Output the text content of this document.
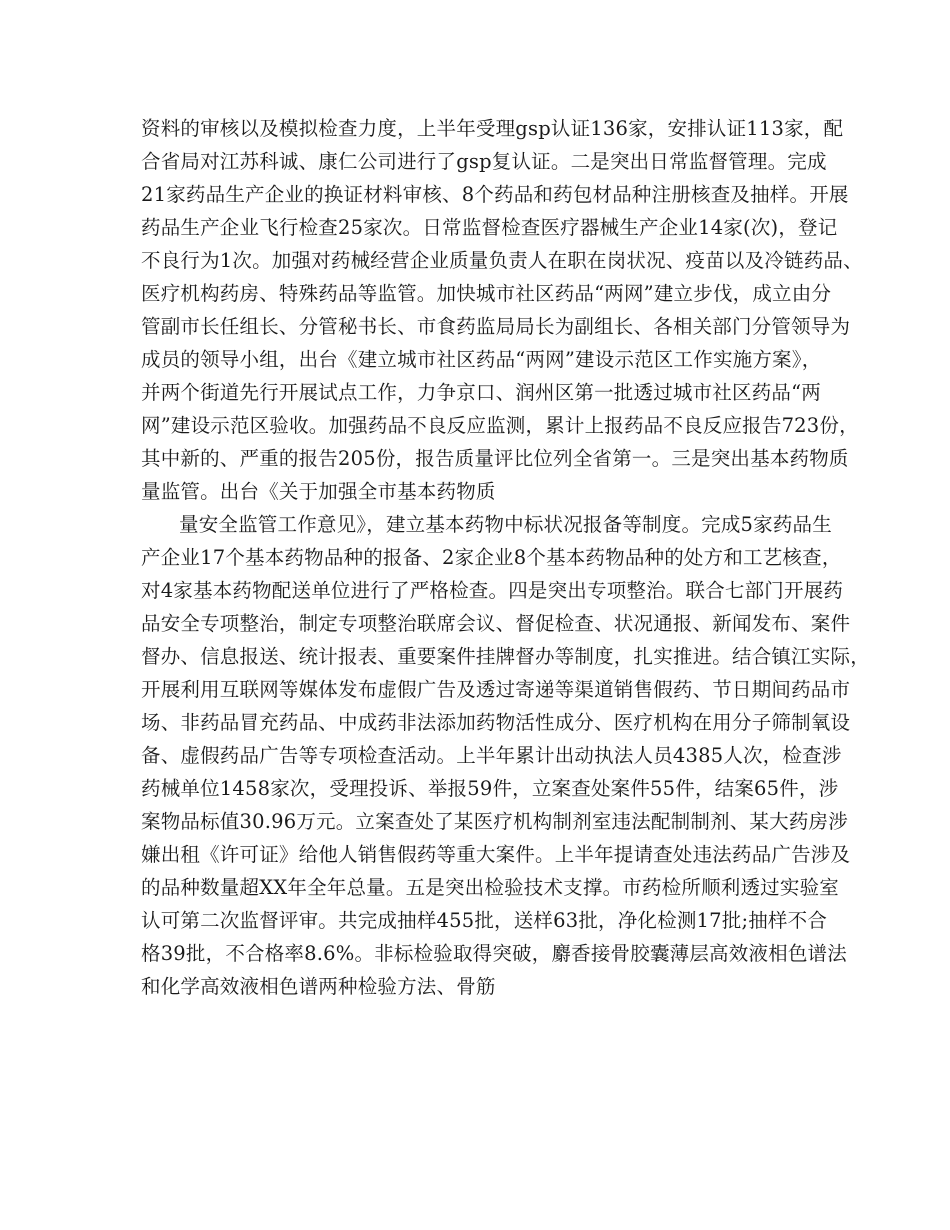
资料的审核以及模拟检查力度，上半年受理gsp认证136家，安排认证113家，配
合省局对江苏科诚、康仁公司进行了gsp复认证。二是突出日常监督管理。完成
21家药品生产企业的换证材料审核、8个药品和药包材品种注册核查及抽样。开展
药品生产企业飞行检查25家次。日常监督检查医疗器械生产企业14家(次)，登记
不良行为1次。加强对药械经营企业质量负责人在职在岗状况、疫苗以及冷链药品、
医疗机构药房、特殊药品等监管。加快城市社区药品“两网”建立步伐，成立由分
管副市长任组长、分管秘书长、市食药监局局长为副组长、各相关部门分管领导为
成员的领导小组，出台《建立城市社区药品“两网”建设示范区工作实施方案》，
并两个街道先行开展试点工作，力争京口、润州区第一批透过城市社区药品“两
网”建设示范区验收。加强药品不良反应监测，累计上报药品不良反应报告723份，
其中新的、严重的报告205份，报告质量评比位列全省第一。三是突出基本药物质
量监管。出台《关于加强全市基本药物质
量安全监管工作意见》，建立基本药物中标状况报备等制度。完成5家药品生
产企业17个基本药物品种的报备、2家企业8个基本药物品种的处方和工艺核查，
对4家基本药物配送单位进行了严格检查。四是突出专项整治。联合七部门开展药
品安全专项整治，制定专项整治联席会议、督促检查、状况通报、新闻发布、案件
督办、信息报送、统计报表、重要案件挂牌督办等制度，扎实推进。结合镇江实际，
开展利用互联网等媒体发布虚假广告及透过寄递等渠道销售假药、节日期间药品市
场、非药品冒充药品、中成药非法添加药物活性成分、医疗机构在用分子筛制氧设
备、虚假药品广告等专项检查活动。上半年累计出动执法人员4385人次，检查涉
药械单位1458家次，受理投诉、举报59件，立案查处案件55件，结案65件，涉
案物品标值30.96万元。立案查处了某医疗机构制剂室违法配制制剂、某大药房涉
嫌出租《许可证》给他人销售假药等重大案件。上半年提请查处违法药品广告涉及
的品种数量超XX年全年总量。五是突出检验技术支撑。市药检所顺利透过实验室
认可第二次监督评审。共完成抽样455批，送样63批，净化检测17批;抽样不合
格39批，不合格率8.6%。非标检验取得突破，麝香接骨胶囊薄层高效液相色谱法
和化学高效液相色谱两种检验方法、骨筋
